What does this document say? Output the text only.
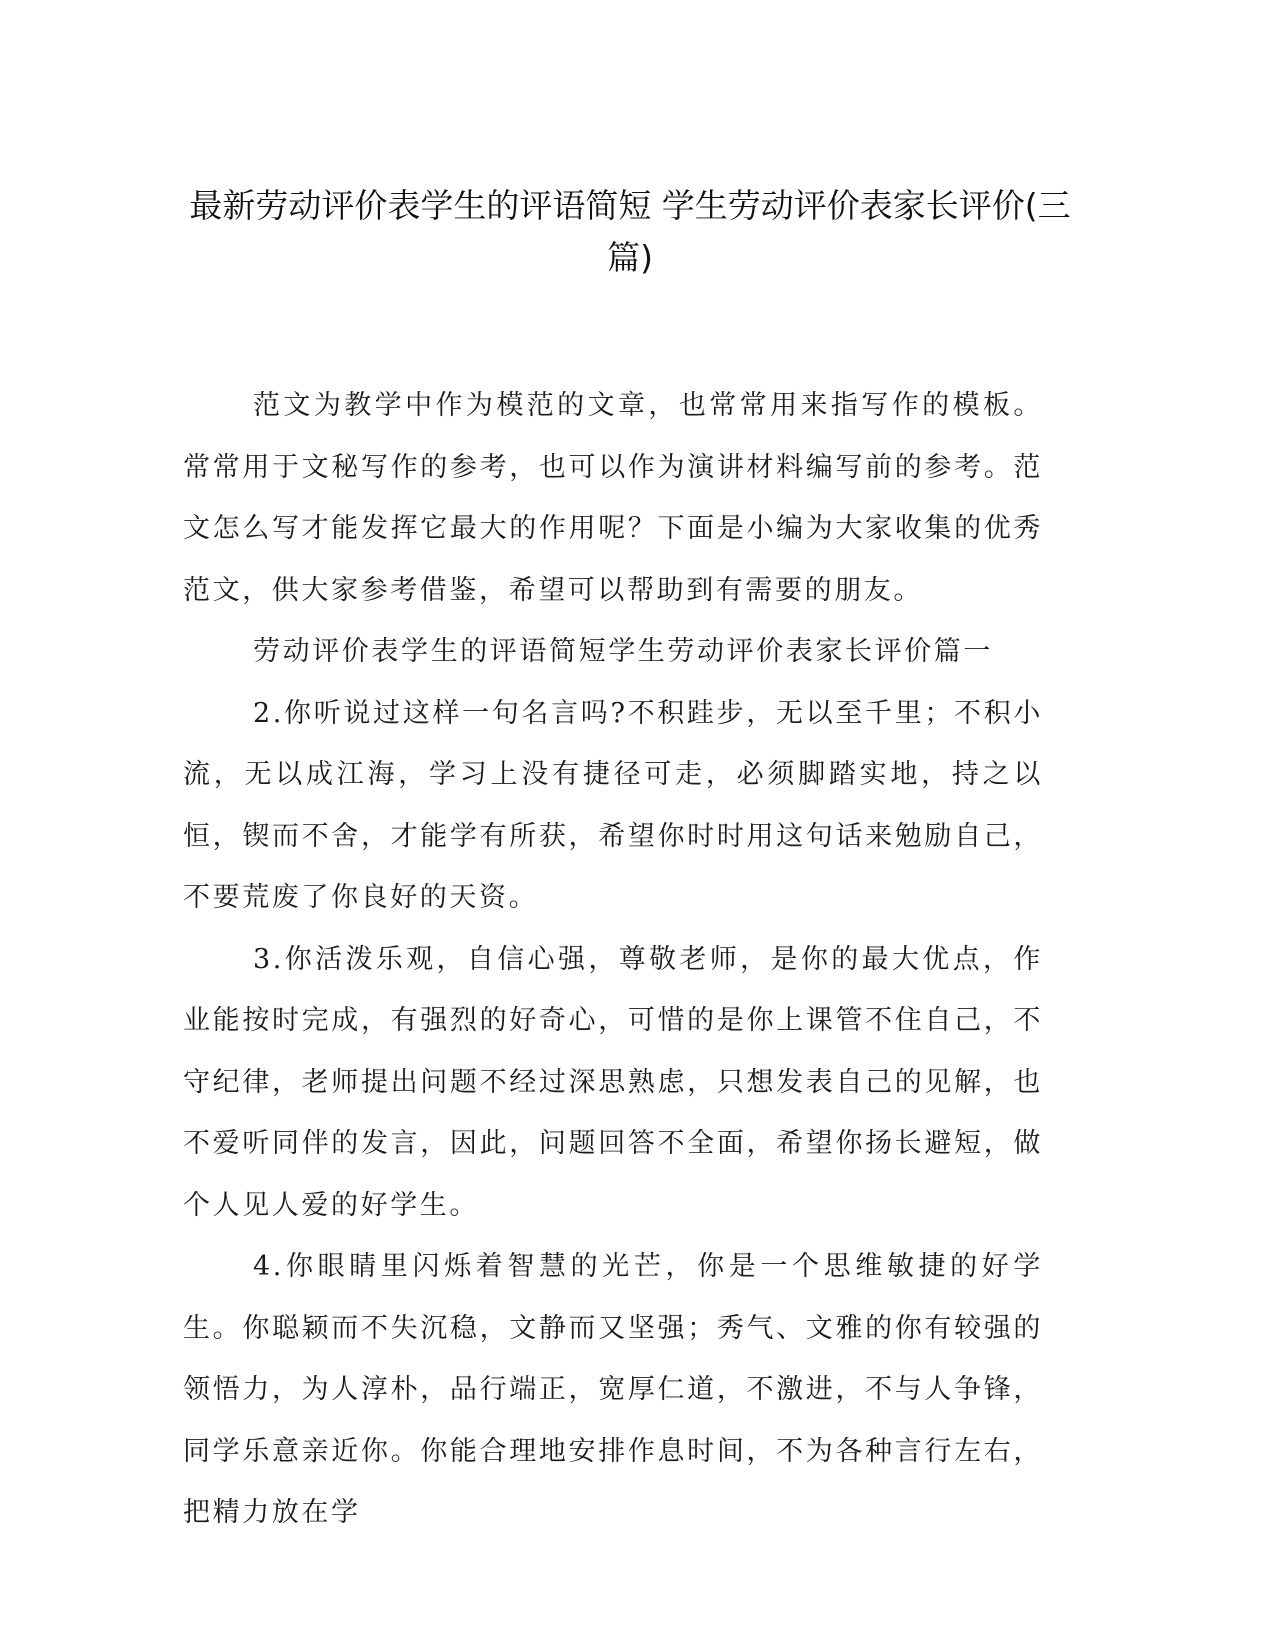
最新劳动评价表学生的评语简短 学生劳动评价表家长评价(三篇)

范文为教学中作为模范的文章，也常常用来指写作的模板。常常用于文秘写作的参考，也可以作为演讲材料编写前的参考。范文怎么写才能发挥它最大的作用呢？下面是小编为大家收集的优秀范文，供大家参考借鉴，希望可以帮助到有需要的朋友。

劳动评价表学生的评语简短学生劳动评价表家长评价篇一

2.你听说过这样一句名言吗?不积跬步，无以至千里；不积小流，无以成江海，学习上没有捷径可走，必须脚踏实地，持之以恒，锲而不舍，才能学有所获，希望你时时用这句话来勉励自己，不要荒废了你良好的天资。

3.你活泼乐观，自信心强，尊敬老师，是你的最大优点，作业能按时完成，有强烈的好奇心，可惜的是你上课管不住自己，不守纪律，老师提出问题不经过深思熟虑，只想发表自己的见解，也不爱听同伴的发言，因此，问题回答不全面，希望你扬长避短，做个人见人爱的好学生。

4.你眼睛里闪烁着智慧的光芒，你是一个思维敏捷的好学生。你聪颖而不失沉稳，文静而又坚强；秀气、文雅的你有较强的领悟力，为人淳朴，品行端正，宽厚仁道，不激进，不与人争锋，同学乐意亲近你。你能合理地安排作息时间，不为各种言行左右，把精力放在学
